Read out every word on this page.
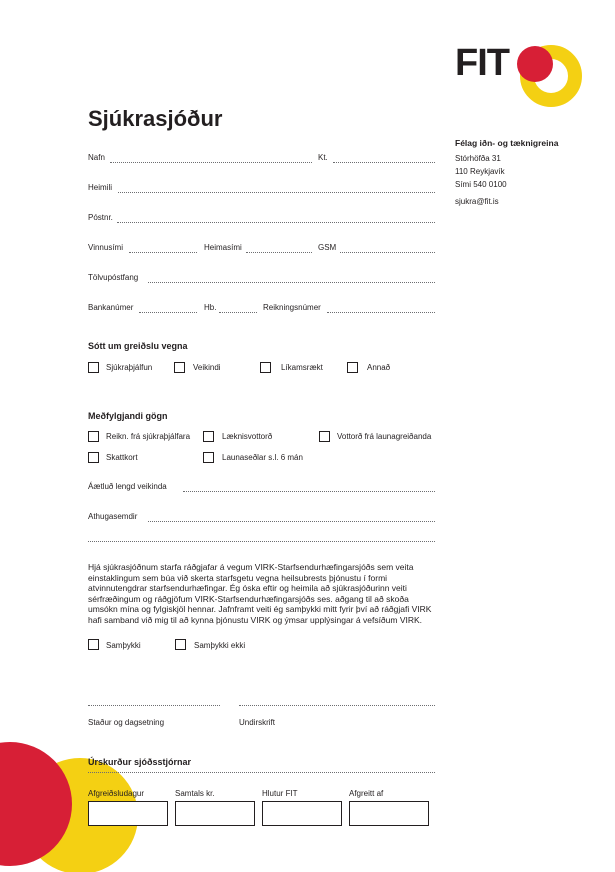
FIT
Sjúkrasjóður
Félag iðn- og tæknigreina
Stórhöfða 31
110 Reykjavík
Sími 540 0100
sjukra@fit.is
Nafn	Kt.
Heimili
Póstnr.
Vinnusími	Heimasími	GSM
Tölvupóstfang
Bankanúmer	Hb.	Reikningsnúmer
Sótt um greiðslu vegna
Sjúkraþjálfun	Veikindi	Líkamsrækt	Annað
Meðfylgjandi gögn
Reikn. frá sjúkraþjálfara	Læknisvottorð	Vottorð frá launagreiðanda
Skattkort	Launaseðlar s.l. 6 mán
Áætluð lengd veikinda
Athugasemdir
Hjá sjúkrasjóðnum starfa ráðgjafar á vegum VIRK-Starfsendurhæfingarsjóðs sem veita einstaklingum sem búa við skerta starfsgetu vegna heilsubrests þjónustu í formi atvinnutengdrar starfsendurhæfingar. Ég óska eftir og heimila að sjúkrasjóðurinn veiti sérfræðingum og ráðgjöfum VIRK-Starfsendurhæfingarsjóðs ses. aðgang til að skoða umsókn mína og fylgiskjöl hennar. Jafnframt veiti ég samþykki mitt fyrir því að ráðgjafi VIRK hafi samband við mig til að kynna þjónustu VIRK og ýmsar upplýsingar á vefsíðum VIRK.
Samþykki	Samþykki ekki
Staður og dagsetning	Undirskrift
Úrskurður sjóðsstjórnar
Afgreiðsludagur	Samtals kr.	Hlutur FIT	Afgreitt af
